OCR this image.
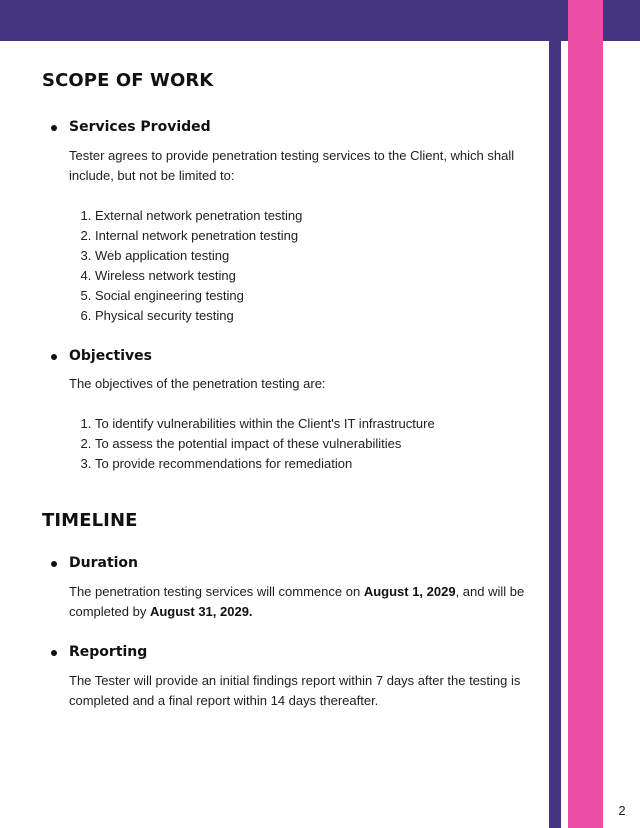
SCOPE OF WORK
Services Provided

Tester agrees to provide penetration testing services to the Client, which shall include, but not be limited to:

1. External network penetration testing
2. Internal network penetration testing
3. Web application testing
4. Wireless network testing
5. Social engineering testing
6. Physical security testing
Objectives

The objectives of the penetration testing are:

1. To identify vulnerabilities within the Client's IT infrastructure
2. To assess the potential impact of these vulnerabilities
3. To provide recommendations for remediation
TIMELINE
Duration

The penetration testing services will commence on August 1, 2029, and will be completed by August 31, 2029.

Reporting

The Tester will provide an initial findings report within 7 days after the testing is completed and a final report within 14 days thereafter.

2
